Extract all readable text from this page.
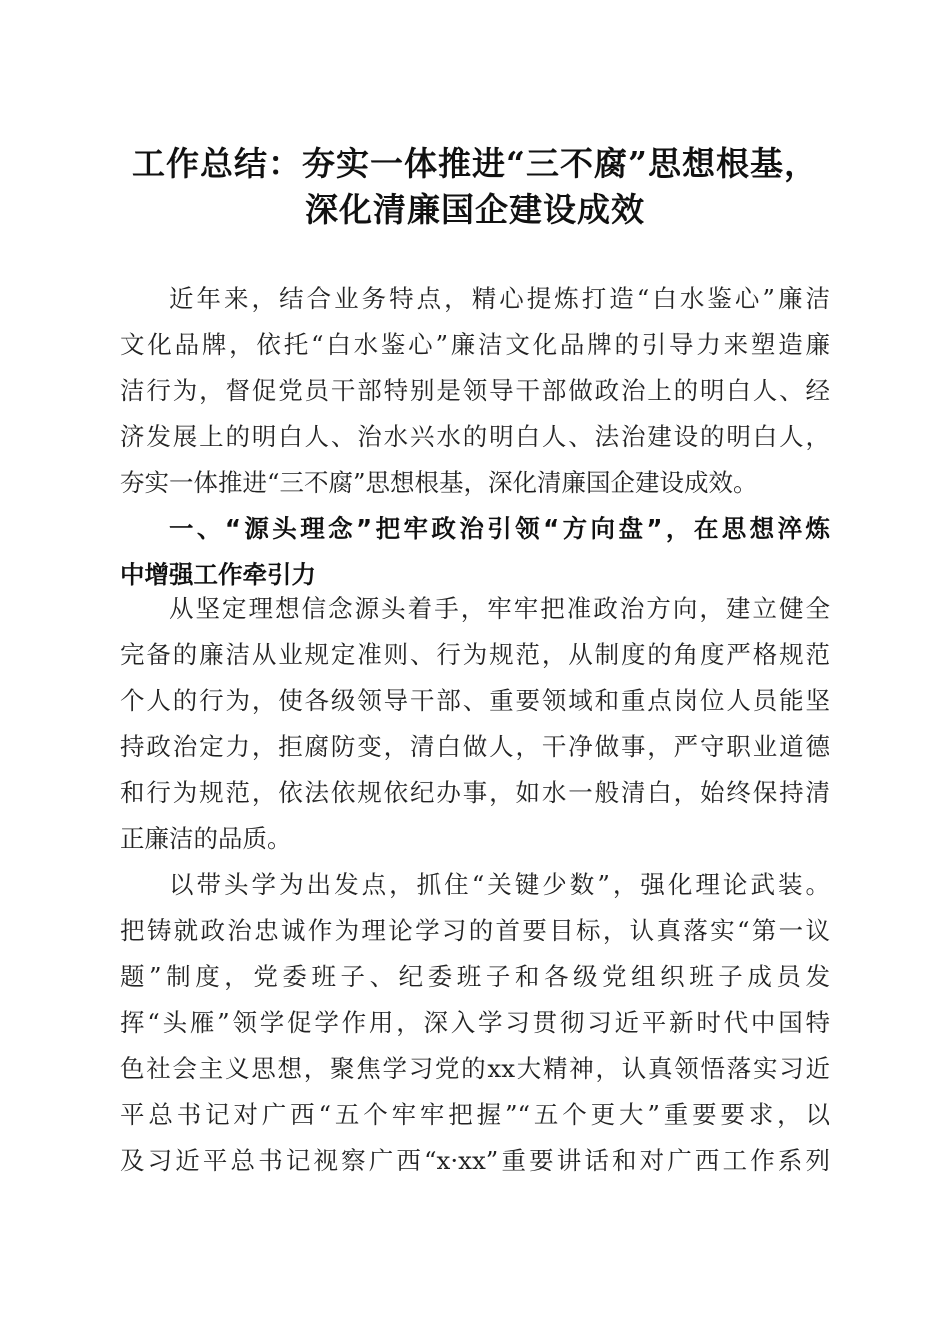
工作总结：夯实一体推进“三不腐”思想根基，
深化清廉国企建设成效
近年来，结合业务特点，精心提炼打造“白水鉴心”廉洁
文化品牌，依托“白水鉴心”廉洁文化品牌的引导力来塑造廉
洁行为，督促党员干部特别是领导干部做政治上的明白人、经
济发展上的明白人、治水兴水的明白人、法治建设的明白人，
夯实一体推进“三不腐”思想根基，深化清廉国企建设成效。
一、“源头理念”把牢政治引领“方向盘”，在思想淬炼
中增强工作牵引力
从坚定理想信念源头着手，牢牢把准政治方向，建立健全
完备的廉洁从业规定准则、行为规范，从制度的角度严格规范
个人的行为，使各级领导干部、重要领域和重点岗位人员能坚
持政治定力，拒腐防变，清白做人，干净做事，严守职业道德
和行为规范，依法依规依纪办事，如水一般清白，始终保持清
正廉洁的品质。
以带头学为出发点，抓住“关键少数”，强化理论武装。
把铸就政治忠诚作为理论学习的首要目标，认真落实“第一议
题”制度，党委班子、纪委班子和各级党组织班子成员发
挥“头雁”领学促学作用，深入学习贯彻习近平新时代中国特
色社会主义思想，聚焦学习党的xx大精神，认真领悟落实习近
平总书记对广西“五个牢牢把握”“五个更大”重要要求，以
及习近平总书记视察广西“x·xx”重要讲话和对广西工作系列
